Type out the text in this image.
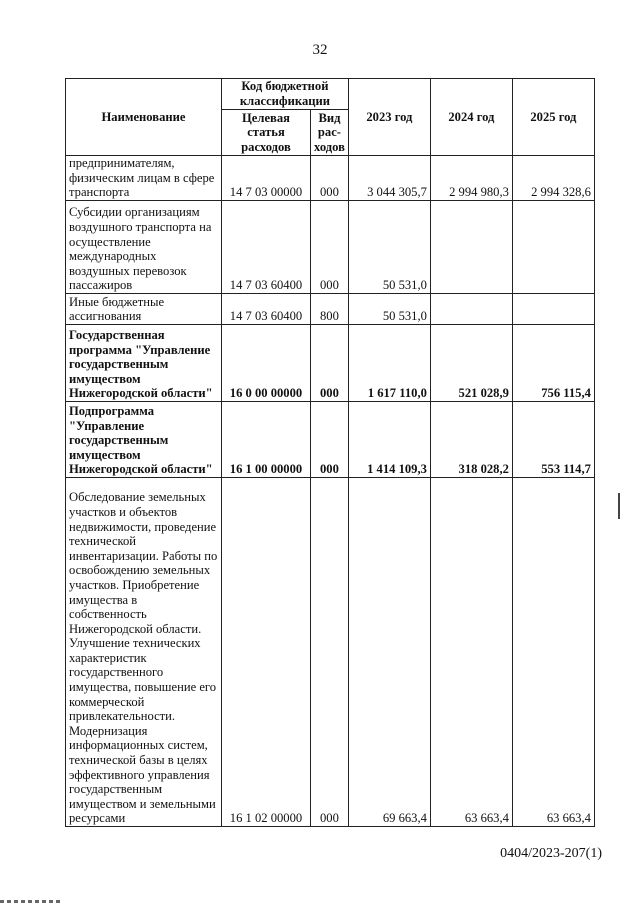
32
Наименование	Код бюджетной классификации		2023 год	2024 год	2025 год
	Целевая статья расходов	Вид рас-ходов			

предпринимателям, физическим лицам в сфере транспорта	14 7 03 00000	000	3 044 305,7	2 994 980,3	2 994 328,6

Субсидии организациям воздушного транспорта на осуществление международных воздушных перевозок пассажиров	14 7 03 60400	000	50 531,0		

Иные бюджетные ассигнования	14 7 03 60400	800	50 531,0		

Государственная программа "Управление государственным имуществом Нижегородской области"	16 0 00 00000	000	1 617 110,0	521 028,9	756 115,4

Подпрограмма "Управление государственным имуществом Нижегородской области"	16 1 00 00000	000	1 414 109,3	318 028,2	553 114,7

Обследование земельных участков и объектов недвижимости, проведение технической инвентаризации. Работы по освобождению земельных участков. Приобретение имущества в собственность Нижегородской области. Улучшение технических характеристик государственного имущества, повышение его коммерческой привлекательности. Модернизация информационных систем, технической базы в целях эффективного управления государственным имуществом и земельными ресурсами	16 1 02 00000	000	69 663,4	63 663,4	63 663,4
0404/2023-207(1)
